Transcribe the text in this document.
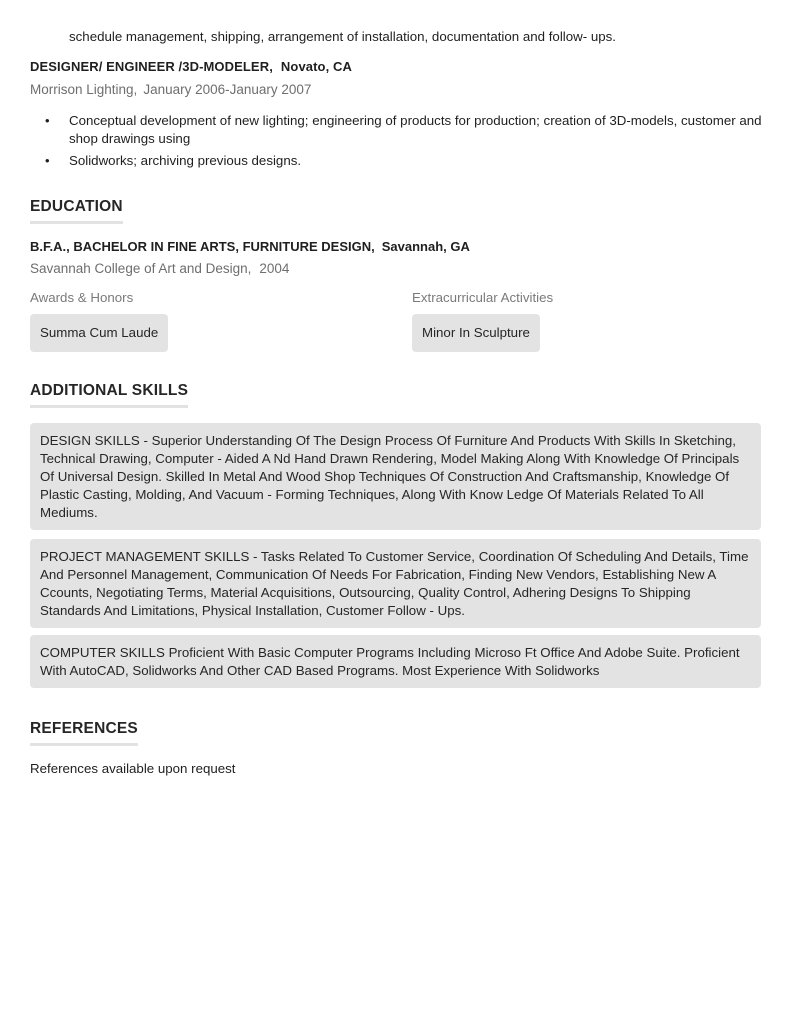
schedule management, shipping, arrangement of installation, documentation and follow- ups.
DESIGNER/ ENGINEER /3D-MODELER, Novato, CA
Morrison Lighting, January 2006-January 2007
• Conceptual development of new lighting; engineering of products for production; creation of 3D-models, customer and shop drawings using
• Solidworks; archiving previous designs.
EDUCATION
B.F.A., BACHELOR IN FINE ARTS, FURNITURE DESIGN, Savannah, GA
Savannah College of Art and Design, 2004
Awards & Honors
Summa Cum Laude
Extracurricular Activities
Minor In Sculpture
ADDITIONAL SKILLS
DESIGN SKILLS - Superior Understanding Of The Design Process Of Furniture And Products With Skills In Sketching, Technical Drawing, Computer - Aided A Nd Hand Drawn Rendering, Model Making Along With Knowledge Of Principals Of Universal Design. Skilled In Metal And Wood Shop Techniques Of Construction And Craftsmanship, Knowledge Of Plastic Casting, Molding, And Vacuum - Forming Techniques, Along With Know Ledge Of Materials Related To All Mediums.
PROJECT MANAGEMENT SKILLS - Tasks Related To Customer Service, Coordination Of Scheduling And Details, Time And Personnel Management, Communication Of Needs For Fabrication, Finding New Vendors, Establishing New A Ccounts, Negotiating Terms, Material Acquisitions, Outsourcing, Quality Control, Adhering Designs To Shipping Standards And Limitations, Physical Installation, Customer Follow - Ups.
COMPUTER SKILLS Proficient With Basic Computer Programs Including Microso Ft Office And Adobe Suite. Proficient With AutoCAD, Solidworks And Other CAD Based Programs. Most Experience With Solidworks
REFERENCES
References available upon request
